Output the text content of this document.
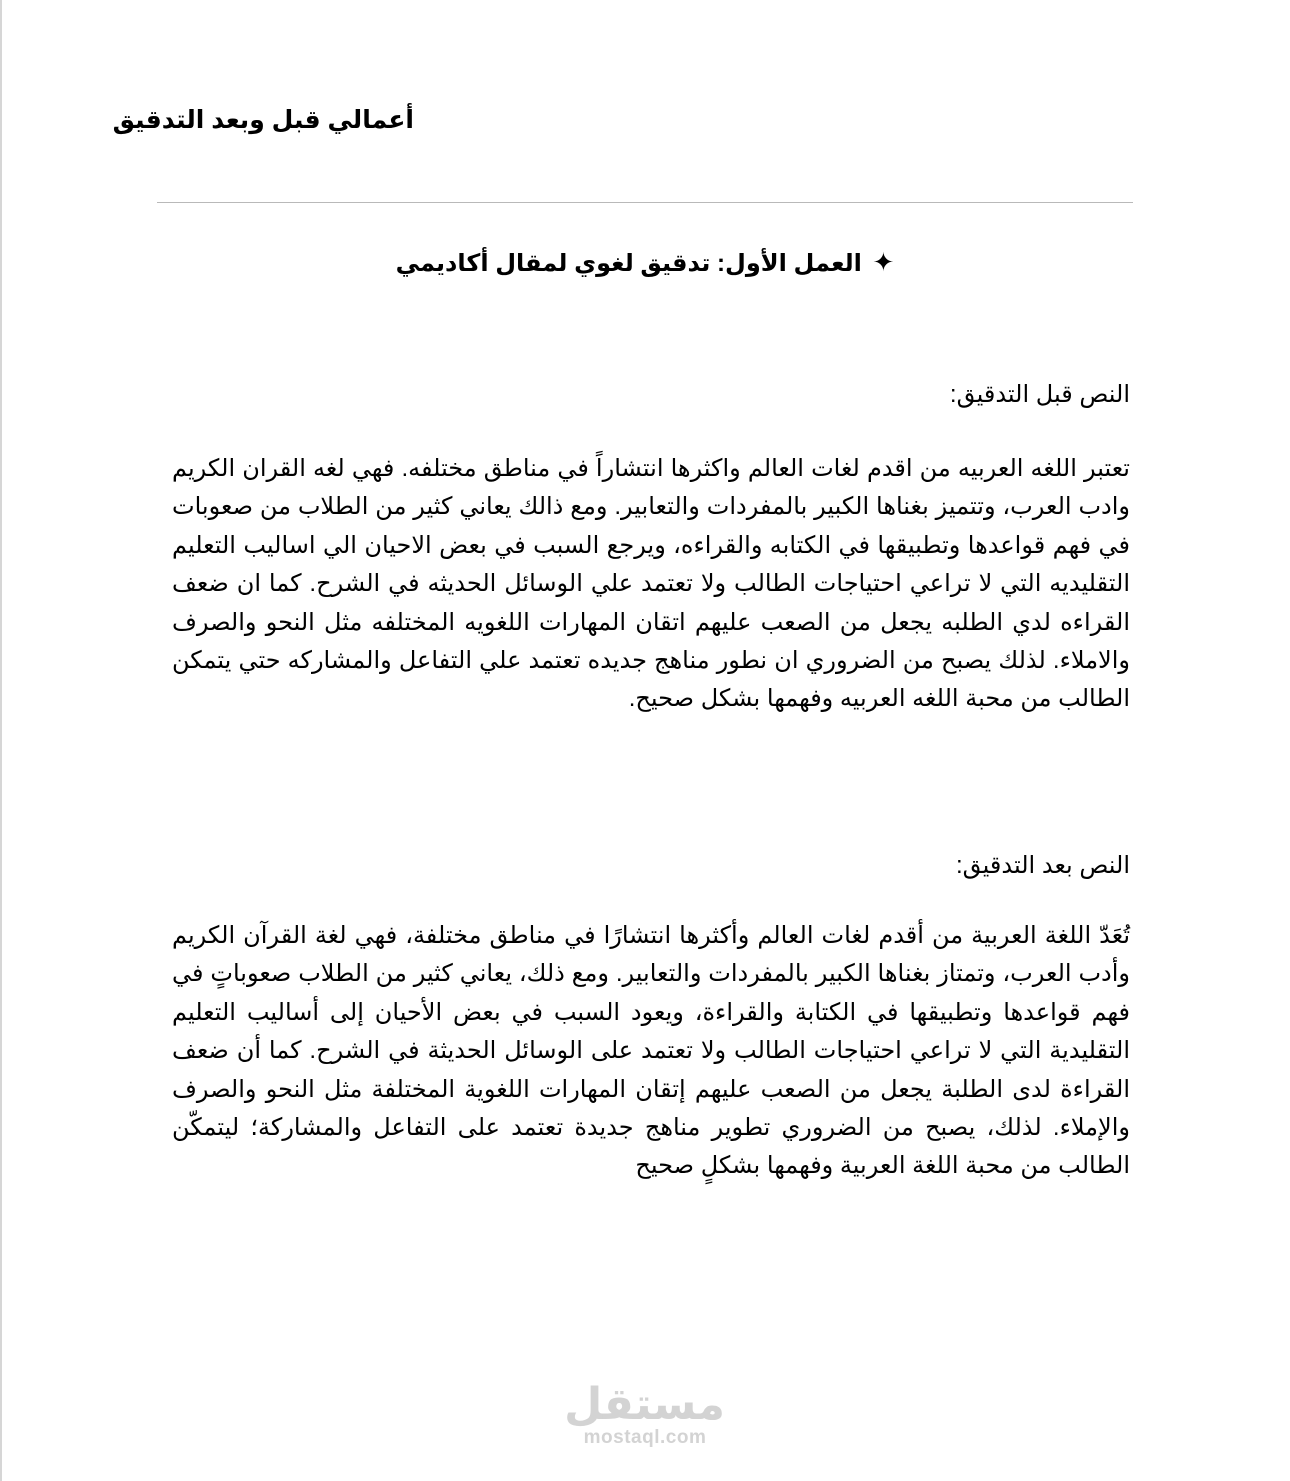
أعمالي قبل وبعد التدقيق
✦ العمل الأول: تدقيق لغوي لمقال أكاديمي
النص قبل التدقيق:

تعتبر اللغه العربيه من اقدم لغات العالم واكثرها انتشاراً في مناطق مختلفه. فهي لغه القران الكريم وادب العرب، وتتميز بغناها الكبير بالمفردات والتعابير. ومع ذالك يعاني كثير من الطلاب من صعوبات في فهم قواعدها وتطبيقها في الكتابه والقراءه، ويرجع السبب في بعض الاحيان الي اساليب التعليم التقليديه التي لا تراعي احتياجات الطالب ولا تعتمد علي الوسائل الحديثه في الشرح. كما ان ضعف القراءه لدي الطلبه يجعل من الصعب عليهم اتقان المهارات اللغويه المختلفه مثل النحو والصرف والاملاء. لذلك يصبح من الضروري ان نطور مناهج جديده تعتمد علي التفاعل والمشاركه حتي يتمكن الطالب من محبة اللغه العربيه وفهمها بشكل صحيح.

النص بعد التدقيق:

تُعَدّ اللغة العربية من أقدم لغات العالم وأكثرها انتشارًا في مناطق مختلفة، فهي لغة القرآن الكريم وأدب العرب، وتمتاز بغناها الكبير بالمفردات والتعابير. ومع ذلك، يعاني كثير من الطلاب صعوباتٍ في فهم قواعدها وتطبيقها في الكتابة والقراءة، ويعود السبب في بعض الأحيان إلى أساليب التعليم التقليدية التي لا تراعي احتياجات الطالب ولا تعتمد على الوسائل الحديثة في الشرح. كما أن ضعف القراءة لدى الطلبة يجعل من الصعب عليهم إتقان المهارات اللغوية المختلفة مثل النحو والصرف والإملاء. لذلك، يصبح من الضروري تطوير مناهج جديدة تعتمد على التفاعل والمشاركة؛ ليتمكّن الطالب من محبة اللغة العربية وفهمها بشكلٍ صحيح

مستقل
mostaql.com
